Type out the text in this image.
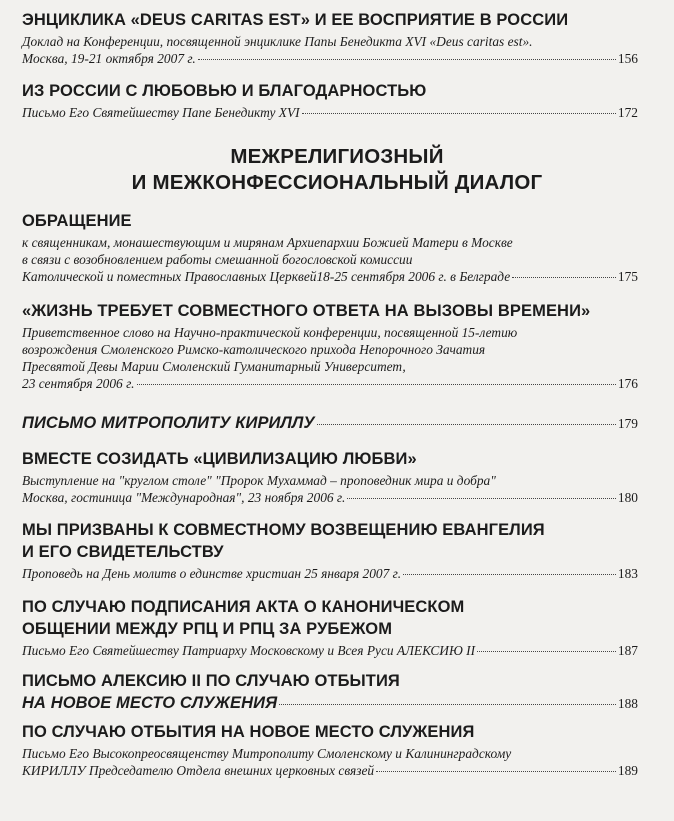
ЭНЦИКЛИКА «DEUS CARITAS EST» И ЕЕ ВОСПРИЯТИЕ В РОССИИ
Доклад на Конференции, посвященной энциклике Папы Бенедикта XVI «Deus caritas est».
Москва, 19-21 октября 2007 г.	156
ИЗ РОССИИ С ЛЮБОВЬЮ И БЛАГОДАРНОСТЬЮ
Письмо Его Святейшеству Папе Бенедикту XVI	172
МЕЖРЕЛИГИОЗНЫЙ
И МЕЖКОНФЕССИОНАЛЬНЫЙ ДИАЛОГ
ОБРАЩЕНИЕ
к священникам, монашествующим и мирянам Архиепархии Божией Матери в Москве
в связи с возобновлением работы смешанной богословской комиссии
Католической и поместных Православных Церквей18-25 сентября 2006 г. в Белграде	175
«ЖИЗНЬ ТРЕБУЕТ СОВМЕСТНОГО ОТВЕТА НА ВЫЗОВЫ ВРЕМЕНИ»
Приветственное слово на Научно-практической конференции, посвященной 15-летию
возрождения Смоленского Римско-католического прихода Непорочного Зачатия
Пресвятой Девы Марии Смоленский Гуманитарный Университет,
23 сентября 2006 г.	176
ПИСЬМО МИТРОПОЛИТУ КИРИЛЛУ	179
ВМЕСТЕ СОЗИДАТЬ «ЦИВИЛИЗАЦИЮ ЛЮБВИ»
Выступление на "круглом столе" "Пророк Мухаммад – проповедник мира и добра"
Москва, гостиница "Международная", 23 ноября 2006 г.	180
МЫ ПРИЗВАНЫ К СОВМЕСТНОМУ ВОЗВЕЩЕНИЮ ЕВАНГЕЛИЯ
И ЕГО СВИДЕТЕЛЬСТВУ
Проповедь на День молитв о единстве христиан 25 января 2007 г.	183
ПО СЛУЧАЮ ПОДПИСАНИЯ АКТА О КАНОНИЧЕСКОМ
ОБЩЕНИИ МЕЖДУ РПЦ И РПЦ ЗА РУБЕЖОМ
Письмо Его Святейшеству Патриарху Московскому и Всея Руси АЛЕКСИЮ II	187
ПИСЬМО АЛЕКСИЮ II ПО СЛУЧАЮ ОТБЫТИЯ
НА НОВОЕ МЕСТО СЛУЖЕНИЯ	188
ПО СЛУЧАЮ ОТБЫТИЯ НА НОВОЕ МЕСТО СЛУЖЕНИЯ
Письмо Его Высокопреосвященству Митрополиту Смоленскому и Калининградскому
КИРИЛЛУ Председателю Отдела внешних церковных связей	189
